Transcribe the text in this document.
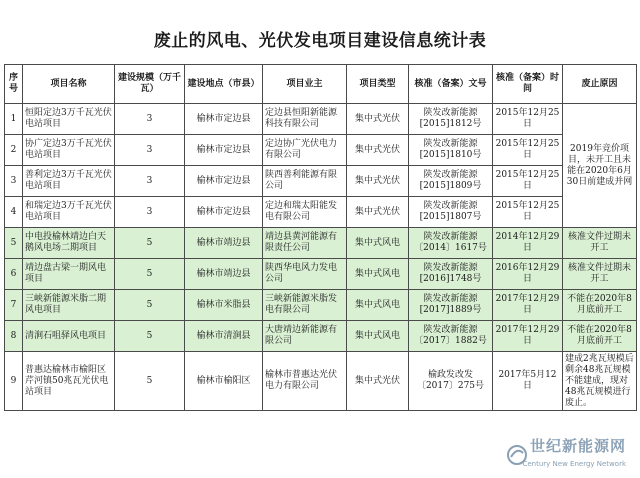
废止的风电、光伏发电项目建设信息统计表
序号	项目名称	建设规模（万千瓦）	建设地点（市县）	项目业主	项目类型	核准（备案）文号	核准（备案）时间	废止原因
1	恒阳定边3万千瓦光伏电站项目	3	榆林市定边县	定边县恒阳新能源科技有限公司	集中式光伏	陕发改新能源[2015]1812号	2015年12月25日	2019年竞价项目，未开工且未能在2020年6月30日前建成并网
2	协广定边3万千瓦光伏电站项目	3	榆林市定边县	定边协广光伏电力有限公司	集中式光伏	陕发改新能源[2015]1810号	2015年12月25日	
3	善利定边3万千瓦光伏电站项目	3	榆林市定边县	陕西善利能源有限公司	集中式光伏	陕发改新能源[2015]1809号	2015年12月25日	
4	和瑞定边3万千瓦光伏电站项目	3	榆林市定边县	定边和瑞太阳能发电有限公司	集中式光伏	陕发改新能源[2015]1807号	2015年12月25日	
5	中电投榆林靖边白天鹅风电场二期项目	5	榆林市靖边县	靖边县黄河能源有限责任公司	集中式风电	陕发改新能源〔2014〕1617号	2014年12月29日	核准文件过期未开工
6	靖边盘古梁一期风电项目	5	榆林市靖边县	陕西华电风力发电公司	集中式风电	陕发改新能源[2016]1748号	2016年12月29日	核准文件过期未开工
7	三峡新能源米脂二期风电项目	5	榆林市米脂县	三峡新能源米脂发电有限公司	集中式风电	陕发改新能源[2017]1889号	2017年12月29日	不能在2020年8月底前开工
8	清涧石咀驿风电项目	5	榆林市清涧县	大唐靖边新能源有限公司	集中式风电	陕发改新能源〔2017〕1882号	2017年12月29日	不能在2020年8月底前开工
9	普惠达榆林市榆阳区芹河镇50兆瓦光伏电站项目	5	榆林市榆阳区	榆林市普惠达光伏电力有限公司	集中式光伏	榆政发改发〔2017〕275号	2017年5月12日	建成2兆瓦规模后剩余48兆瓦规模不能建成，现对48兆瓦规模进行废止。
世纪新能源网
Century New Energy Network
